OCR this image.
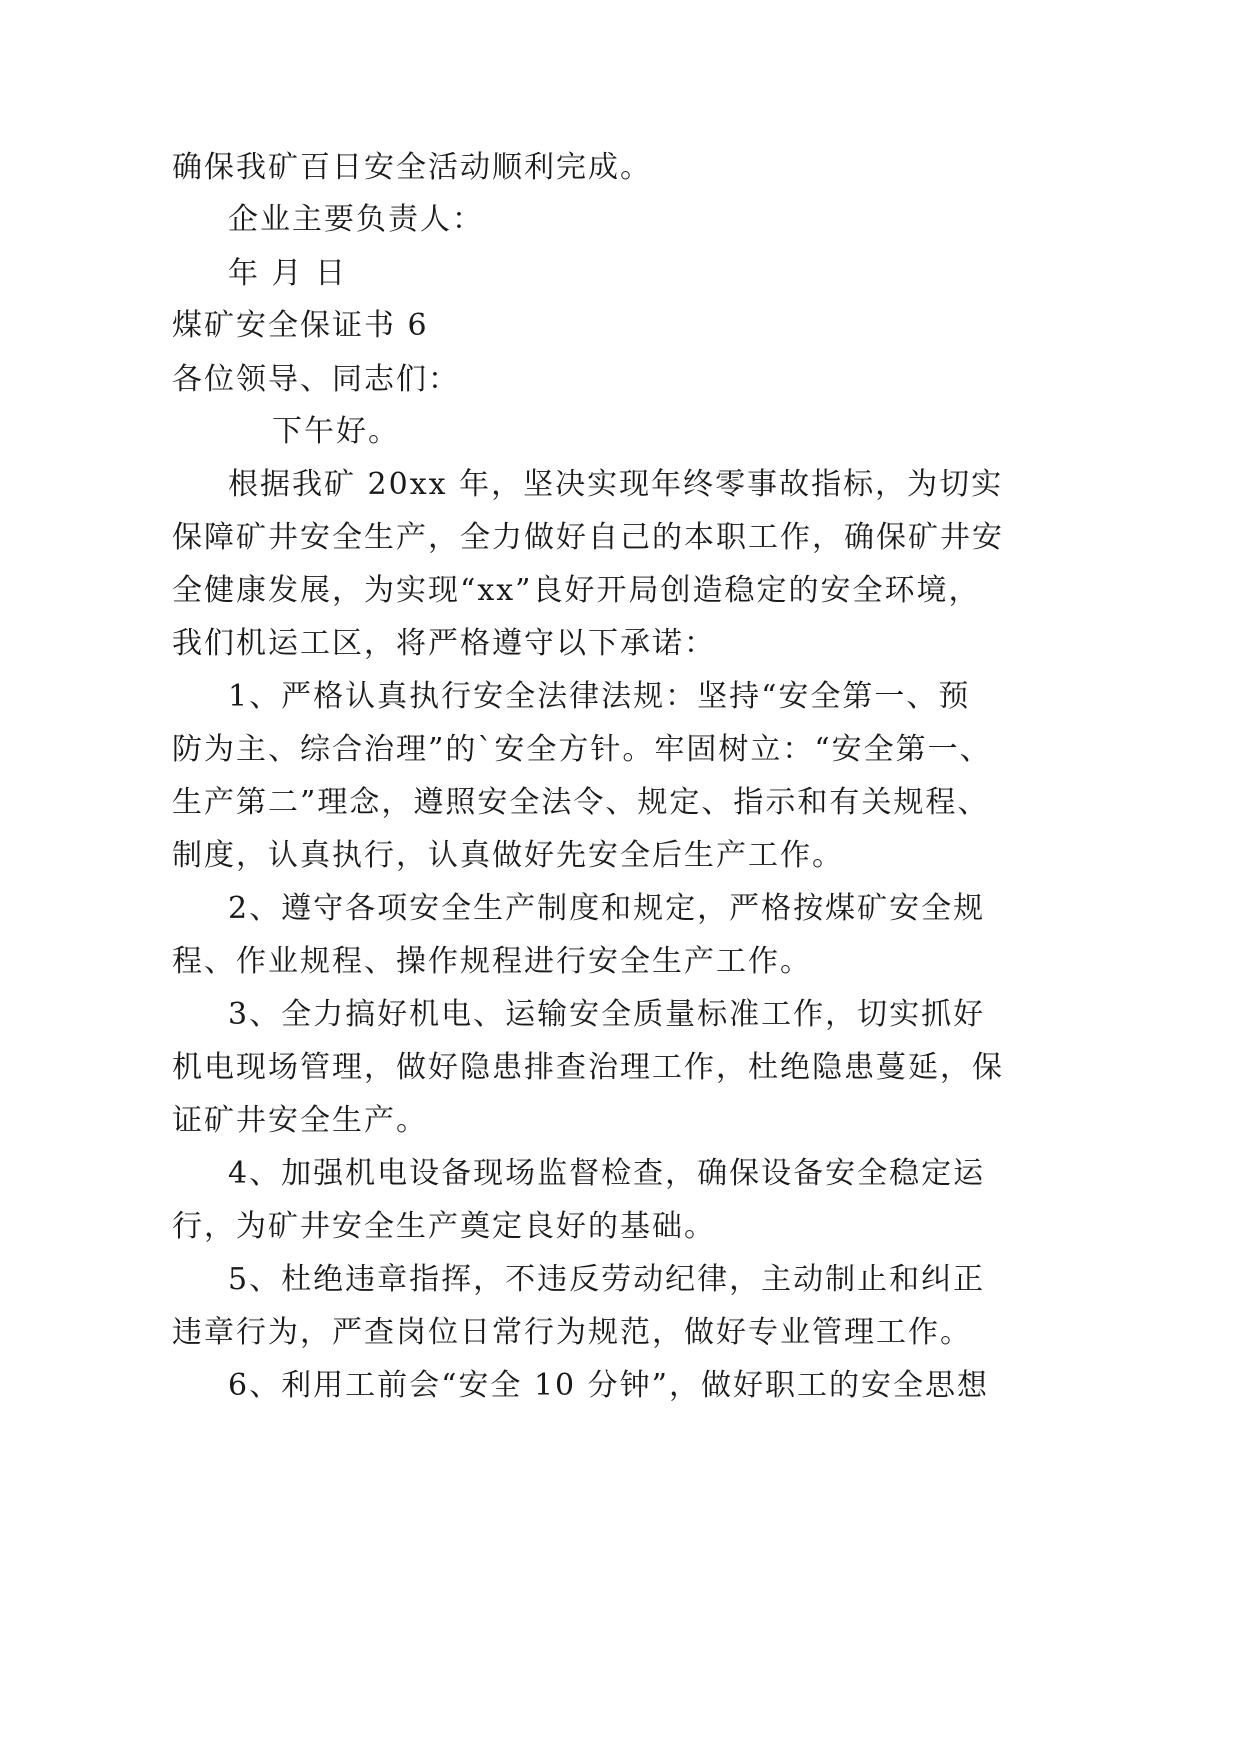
确保我矿百日安全活动顺利完成。
企业主要负责人：
年 月 日
煤矿安全保证书 6
各位领导、同志们：
下午好。
根据我矿 20xx 年，坚决实现年终零事故指标，为切实
保障矿井安全生产，全力做好自己的本职工作，确保矿井安
全健康发展，为实现“xx”良好开局创造稳定的安全环境，
我们机运工区，将严格遵守以下承诺：
1、严格认真执行安全法律法规：坚持“安全第一、预
防为主、综合治理”的`安全方针。牢固树立：“安全第一、
生产第二”理念，遵照安全法令、规定、指示和有关规程、
制度，认真执行，认真做好先安全后生产工作。
2、遵守各项安全生产制度和规定，严格按煤矿安全规
程、作业规程、操作规程进行安全生产工作。
3、全力搞好机电、运输安全质量标准工作，切实抓好
机电现场管理，做好隐患排查治理工作，杜绝隐患蔓延，保
证矿井安全生产。
4、加强机电设备现场监督检查，确保设备安全稳定运
行，为矿井安全生产奠定良好的基础。
5、杜绝违章指挥，不违反劳动纪律，主动制止和纠正
违章行为，严查岗位日常行为规范，做好专业管理工作。
6、利用工前会“安全 10 分钟”，做好职工的安全思想
